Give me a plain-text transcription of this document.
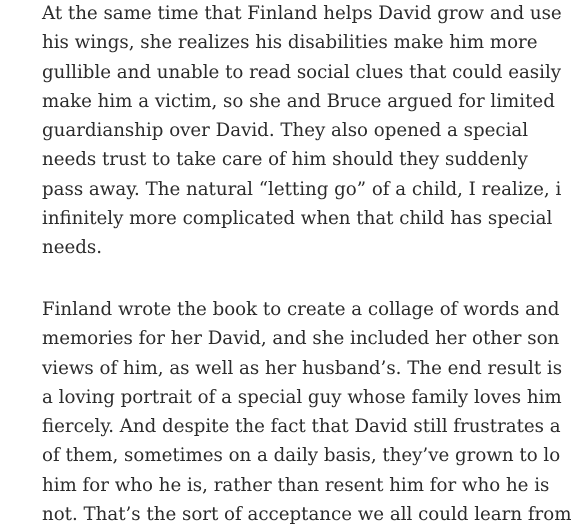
At the same time that Finland helps David grow and use
his wings, she realizes his disabilities make him more
gullible and unable to read social clues that could easily
make him a victim, so she and Bruce argued for limited
guardianship over David. They also opened a special
needs trust to take care of him should they suddenly
pass away. The natural “letting go” of a child, I realize, i
infinitely more complicated when that child has special
needs.

Finland wrote the book to create a collage of words and
memories for her David, and she included her other son
views of him, as well as her husband’s. The end result is
a loving portrait of a special guy whose family loves him
fiercely. And despite the fact that David still frustrates a
of them, sometimes on a daily basis, they’ve grown to lo
him for who he is, rather than resent him for who he is
not. That’s the sort of acceptance we all could learn from
